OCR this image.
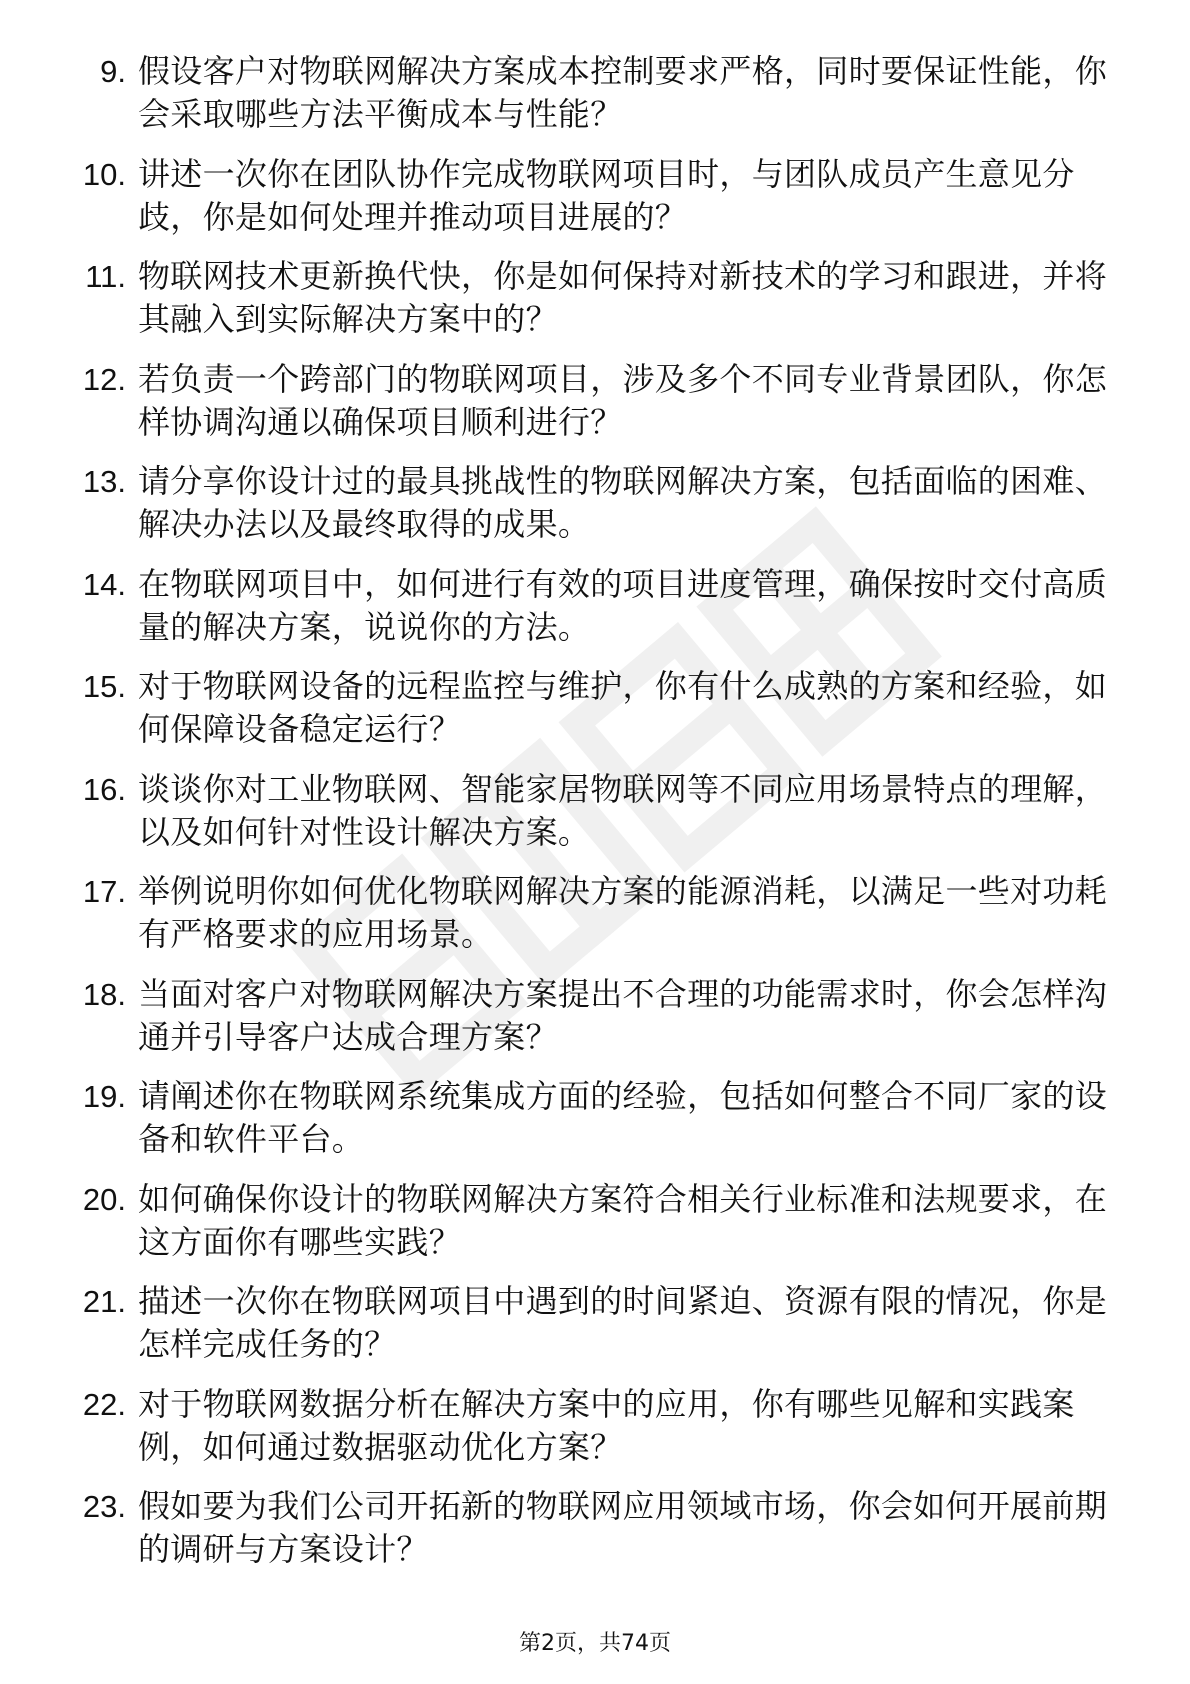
9. 假设客户对物联网解决方案成本控制要求严格，同时要保证性能，你会采取哪些方法平衡成本与性能？
10. 讲述一次你在团队协作完成物联网项目时，与团队成员产生意见分歧，你是如何处理并推动项目进展的？
11. 物联网技术更新换代快，你是如何保持对新技术的学习和跟进，并将其融入到实际解决方案中的？
12. 若负责一个跨部门的物联网项目，涉及多个不同专业背景团队，你怎样协调沟通以确保项目顺利进行？
13. 请分享你设计过的最具挑战性的物联网解决方案，包括面临的困难、解决办法以及最终取得的成果。
14. 在物联网项目中，如何进行有效的项目进度管理，确保按时交付高质量的解决方案，说说你的方法。
15. 对于物联网设备的远程监控与维护，你有什么成熟的方案和经验，如何保障设备稳定运行？
16. 谈谈你对工业物联网、智能家居物联网等不同应用场景特点的理解，以及如何针对性设计解决方案。
17. 举例说明你如何优化物联网解决方案的能源消耗，以满足一些对功耗有严格要求的应用场景。
18. 当面对客户对物联网解决方案提出不合理的功能需求时，你会怎样沟通并引导客户达成合理方案？
19. 请阐述你在物联网系统集成方面的经验，包括如何整合不同厂家的设备和软件平台。
20. 如何确保你设计的物联网解决方案符合相关行业标准和法规要求，在这方面你有哪些实践？
21. 描述一次你在物联网项目中遇到的时间紧迫、资源有限的情况，你是怎样完成任务的？
22. 对于物联网数据分析在解决方案中的应用，你有哪些见解和实践案例，如何通过数据驱动优化方案？
23. 假如要为我们公司开拓新的物联网应用领域市场，你会如何开展前期的调研与方案设计？
第2页，共74页
